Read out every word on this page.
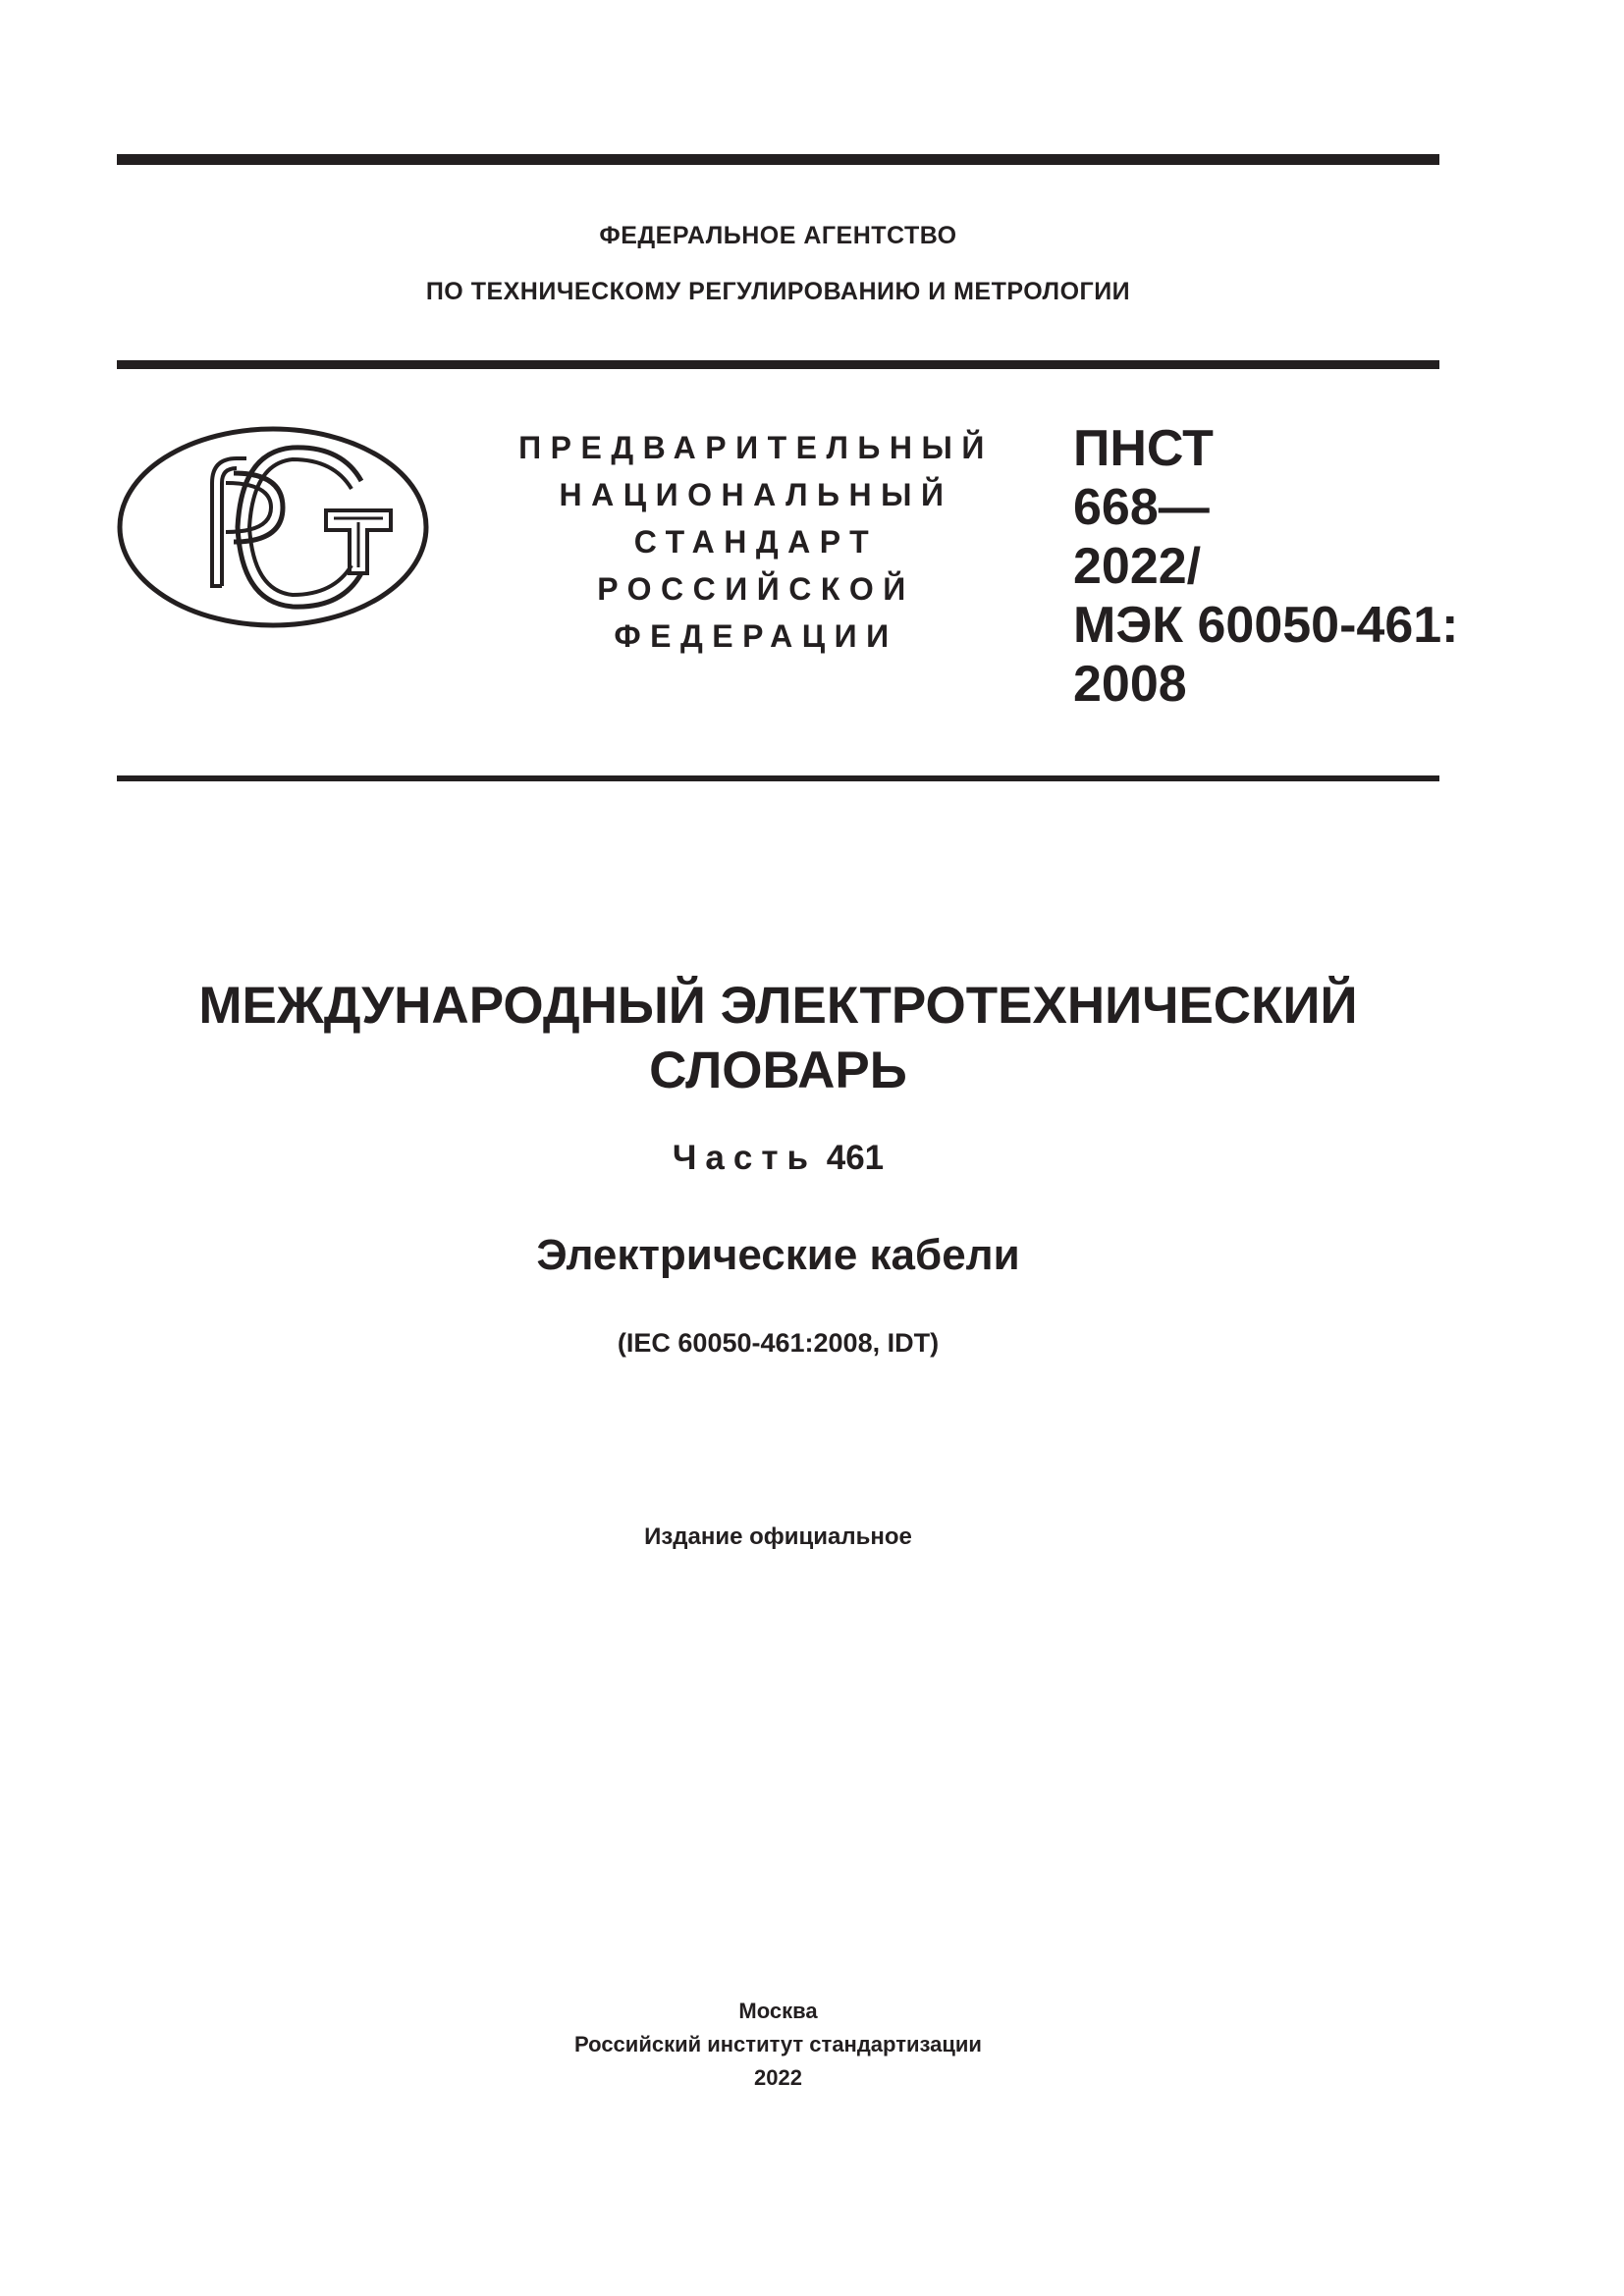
ФЕДЕРАЛЬНОЕ АГЕНТСТВО
ПО ТЕХНИЧЕСКОМУ РЕГУЛИРОВАНИЮ И МЕТРОЛОГИИ
ПРЕДВАРИТЕЛЬНЫЙ
НАЦИОНАЛЬНЫЙ
СТАНДАРТ
РОССИЙСКОЙ
ФЕДЕРАЦИИ
ПНСТ
668—
2022/
МЭК 60050-461:
2008
МЕЖДУНАРОДНЫЙ ЭЛЕКТРОТЕХНИЧЕСКИЙ
СЛОВАРЬ
Часть 461
Электрические кабели
(IEC 60050-461:2008, IDT)
Издание официальное
Москва
Российский институт стандартизации
2022
